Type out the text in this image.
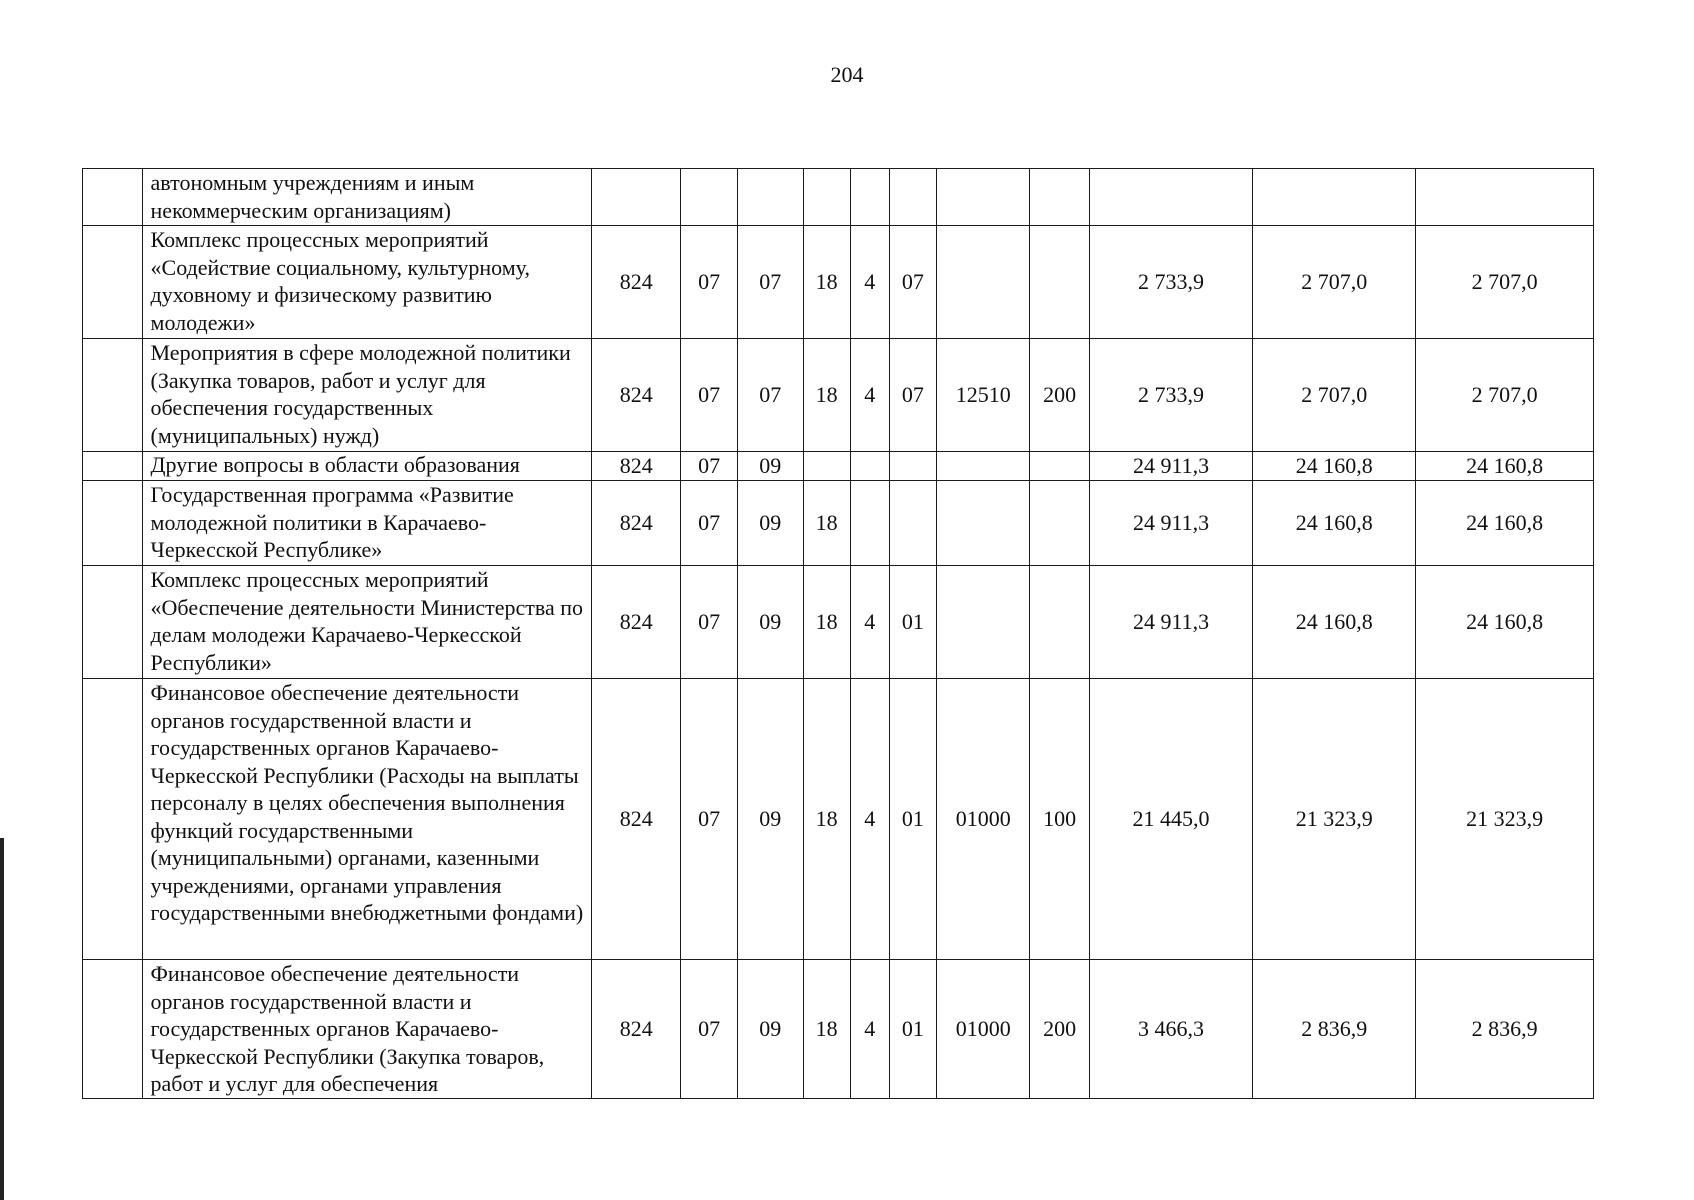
204
	автономным учреждениям и иным некоммерческим организациям)											
	Комплекс процессных мероприятий «Содействие социальному, культурному, духовному и физическому развитию молодежи»	824	07	07	18	4	07			2 733,9	2 707,0	2 707,0
	Мероприятия в сфере молодежной политики (Закупка товаров, работ и услуг для обеспечения государственных (муниципальных) нужд)	824	07	07	18	4	07	12510	200	2 733,9	2 707,0	2 707,0
	Другие вопросы в области образования	824	07	09						24 911,3	24 160,8	24 160,8
	Государственная программа «Развитие молодежной политики в Карачаево-Черкесской Республике»	824	07	09	18					24 911,3	24 160,8	24 160,8
	Комплекс процессных мероприятий «Обеспечение деятельности Министерства по делам молодежи Карачаево-Черкесской Республики»	824	07	09	18	4	01			24 911,3	24 160,8	24 160,8
	Финансовое обеспечение деятельности органов государственной власти и государственных органов Карачаево-Черкесской Республики (Расходы на выплаты персоналу в целях обеспечения выполнения функций государственными (муниципальными) органами, казенными учреждениями, органами управления государственными внебюджетными фондами)	824	07	09	18	4	01	01000	100	21 445,0	21 323,9	21 323,9
	Финансовое обеспечение деятельности органов государственной власти и государственных органов Карачаево-Черкесской Республики (Закупка товаров, работ и услуг для обеспечения	824	07	09	18	4	01	01000	200	3 466,3	2 836,9	2 836,9
